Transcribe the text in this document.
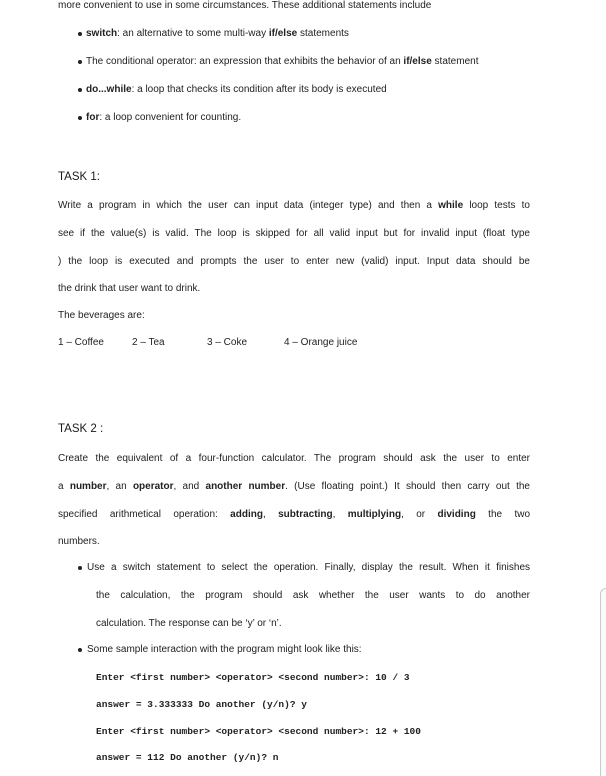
more convenient to use in some circumstances. These additional statements include
switch: an alternative to some multi-way if/else statements
The conditional operator: an expression that exhibits the behavior of an if/else statement
do...while: a loop that checks its condition after its body is executed
for: a loop convenient for counting.
TASK 1:
Write a program in which the user can input data (integer type) and then a while loop tests to
see if the value(s) is valid. The loop is skipped for all valid input but for invalid input (float type
) the loop is executed and prompts the user to enter new (valid) input. Input data should be
the drink that user want to drink.
The beverages are:
1 – Coffee	2 – Tea	3 – Coke	4 – Orange juice
TASK 2 :
Create the equivalent of a four-function calculator. The program should ask the user to enter
a number, an operator, and another number. (Use floating point.) It should then carry out the
specified arithmetical operation: adding, subtracting, multiplying, or dividing the two
numbers.
Use a switch statement to select the operation. Finally, display the result. When it finishes
the calculation, the program should ask whether the user wants to do another
calculation. The response can be ‘y’ or ‘n’.
Some sample interaction with the program might look like this:
Enter <first number> <operator> <second number>: 10 / 3
answer = 3.333333 Do another (y/n)? y
Enter <first number> <operator> <second number>: 12 + 100
answer = 112 Do another (y/n)? n
